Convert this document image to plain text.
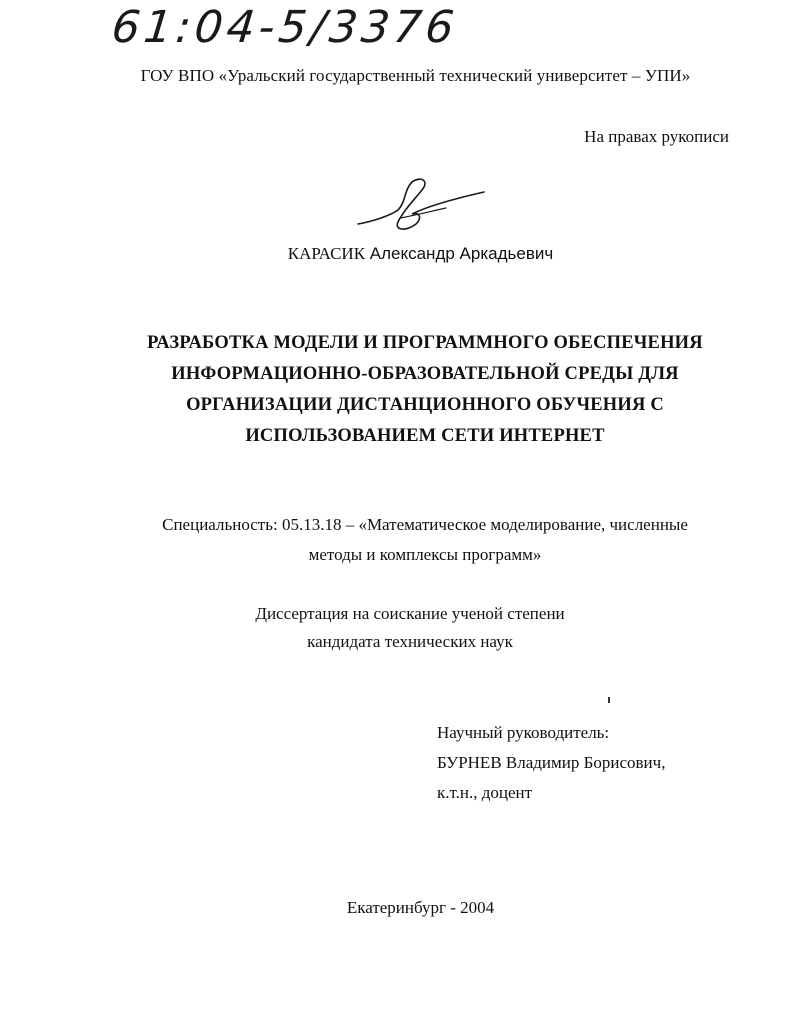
61:04-5/3376
ГОУ ВПО «Уральский государственный технический университет – УПИ»
На правах рукописи
КАРАСИК Александр Аркадьевич
РАЗРАБОТКА МОДЕЛИ И ПРОГРАММНОГО ОБЕСПЕЧЕНИЯ
ИНФОРМАЦИОННО-ОБРАЗОВАТЕЛЬНОЙ СРЕДЫ ДЛЯ
ОРГАНИЗАЦИИ ДИСТАНЦИОННОГО ОБУЧЕНИЯ С
ИСПОЛЬЗОВАНИЕМ СЕТИ ИНТЕРНЕТ
Специальность: 05.13.18 – «Математическое моделирование, численные
методы и комплексы программ»
Диссертация на соискание ученой степени
кандидата технических наук
Научный руководитель:
БУРНЕВ Владимир Борисович,
к.т.н., доцент
Екатеринбург - 2004
